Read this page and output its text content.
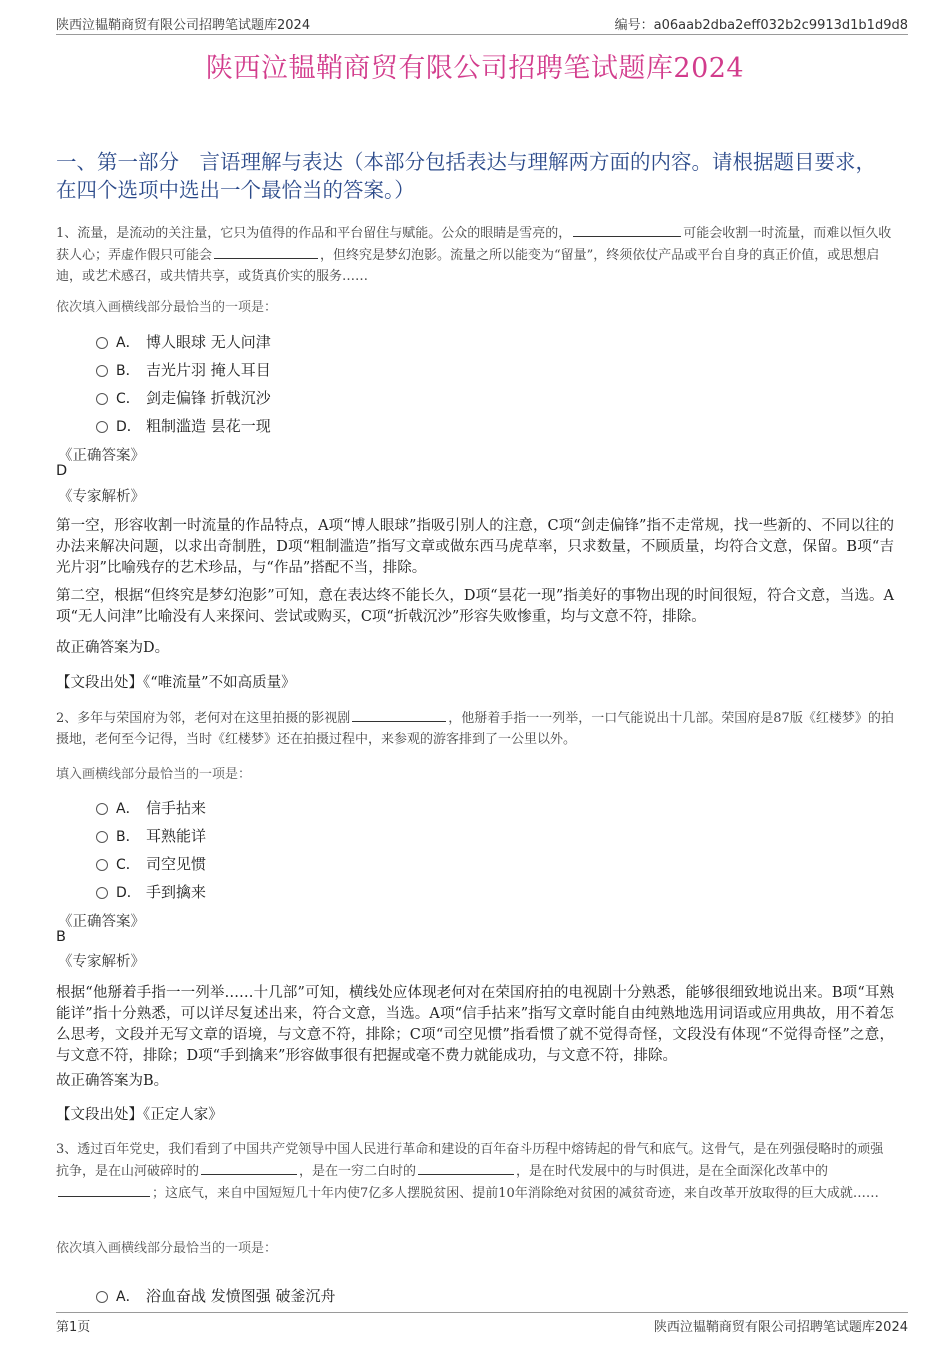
陕西泣韫鞘商贸有限公司招聘笔试题库2024	编号：a06aab2dba2eff032b2c9913d1b1d9d8
陕西泣韫鞘商贸有限公司招聘笔试题库2024
一、第一部分　言语理解与表达（本部分包括表达与理解两方面的内容。请根据题目要求，在四个选项中选出一个最恰当的答案。）
1、流量，是流动的关注量，它只为值得的作品和平台留住与赋能。公众的眼睛是雪亮的，	可能会收割一时流量，而难以恒久收获人心；弄虚作假只可能会	，但终究是梦幻泡影。流量之所以能变为“留量”，终须依仗产品或平台自身的真正价值，或思想启迪，或艺术感召，或共情共享，或货真价实的服务……
依次填入画横线部分最恰当的一项是：
A． 博人眼球 无人问津
B． 吉光片羽 掩人耳目
C． 剑走偏锋 折戟沉沙
D． 粗制滥造 昙花一现
《正确答案》
D
《专家解析》
第一空，形容收割一时流量的作品特点，A项“博人眼球”指吸引别人的注意，C项“剑走偏锋”指不走常规，找一些新的、不同以往的办法来解决问题，以求出奇制胜，D项“粗制滥造”指写文章或做东西马虎草率，只求数量，不顾质量，均符合文意，保留。B项“吉光片羽”比喻残存的艺术珍品，与“作品”搭配不当，排除。
第二空，根据“但终究是梦幻泡影”可知，意在表达终不能长久，D项“昙花一现”指美好的事物出现的时间很短，符合文意，当选。A项“无人问津”比喻没有人来探问、尝试或购买，C项“折戟沉沙”形容失败惨重，均与文意不符，排除。
故正确答案为D。
【文段出处】《“唯流量”不如高质量》
2、多年与荣国府为邻，老何对在这里拍摄的影视剧	，他掰着手指一一列举，一口气能说出十几部。荣国府是87版《红楼梦》的拍摄地，老何至今记得，当时《红楼梦》还在拍摄过程中，来参观的游客排到了一公里以外。
填入画横线部分最恰当的一项是：
A． 信手拈来
B． 耳熟能详
C． 司空见惯
D． 手到擒来
《正确答案》
B
《专家解析》
根据“他掰着手指一一列举……十几部”可知，横线处应体现老何对在荣国府拍的电视剧十分熟悉，能够很细致地说出来。B项“耳熟能详”指十分熟悉，可以详尽复述出来，符合文意，当选。A项“信手拈来”指写文章时能自由纯熟地选用词语或应用典故，用不着怎么思考，文段并无写文章的语境，与文意不符，排除；C项“司空见惯”指看惯了就不觉得奇怪，文段没有体现“不觉得奇怪”之意，与文意不符，排除；D项“手到擒来”形容做事很有把握或毫不费力就能成功，与文意不符，排除。
故正确答案为B。
【文段出处】《正定人家》
3、透过百年党史，我们看到了中国共产党领导中国人民进行革命和建设的百年奋斗历程中熔铸起的骨气和底气。这骨气，是在列强侵略时的顽强抗争，是在山河破碎时的	，是在一穷二白时的	，是在时代发展中的与时俱进，是在全面深化改革中的；这底气，来自中国短短几十年内使7亿多人摆脱贫困、提前10年消除绝对贫困的减贫奇迹，来自改革开放取得的巨大成就……
依次填入画横线部分最恰当的一项是：
A． 浴血奋战 发愤图强 破釜沉舟
第1页	陕西泣韫鞘商贸有限公司招聘笔试题库2024
